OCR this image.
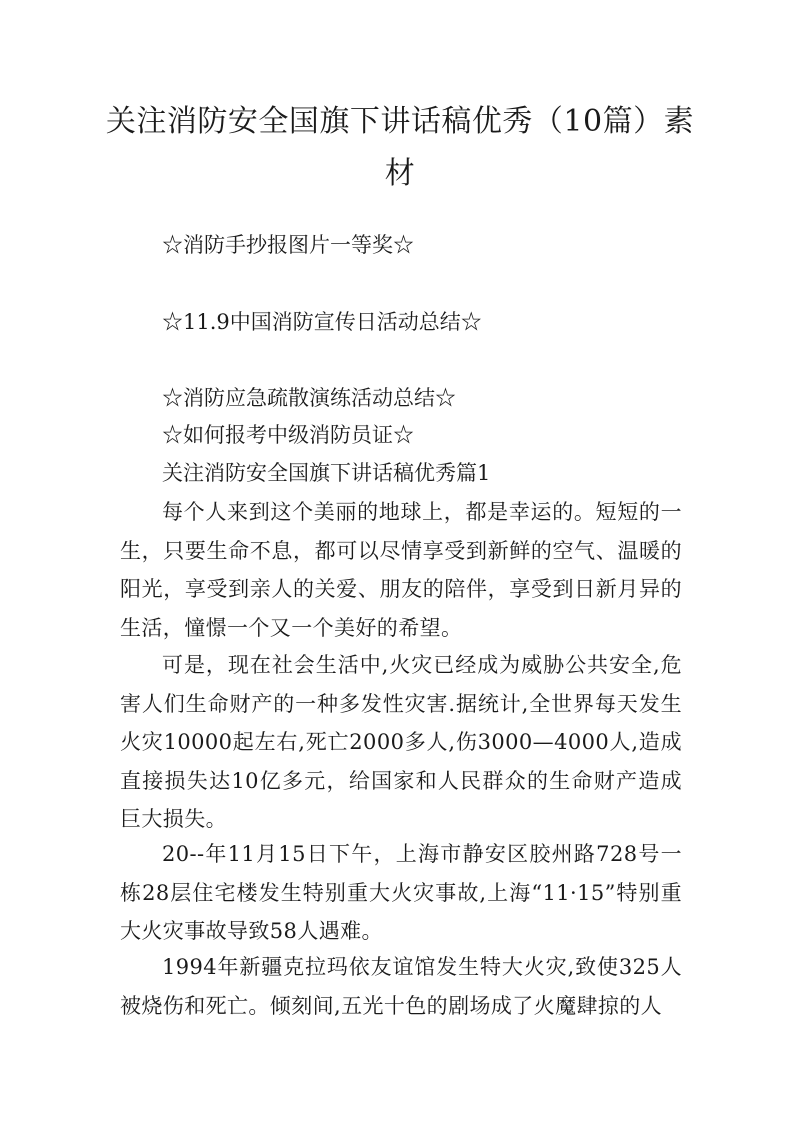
关注消防安全国旗下讲话稿优秀（10篇）素材

☆消防手抄报图片一等奖☆

☆11.9中国消防宣传日活动总结☆

☆消防应急疏散演练活动总结☆

☆如何报考中级消防员证☆

关注消防安全国旗下讲话稿优秀篇1

每个人来到这个美丽的地球上，都是幸运的。短短的一生，只要生命不息，都可以尽情享受到新鲜的空气、温暖的阳光，享受到亲人的关爱、朋友的陪伴，享受到日新月异的生活，憧憬一个又一个美好的希望。

可是，现在社会生活中,火灾已经成为威胁公共安全,危害人们生命财产的一种多发性灾害.据统计,全世界每天发生火灾10000起左右,死亡2000多人,伤3000—4000人,造成直接损失达10亿多元，给国家和人民群众的生命财产造成巨大损失。

20--年11月15日下午，上海市静安区胶州路728号一栋28层住宅楼发生特别重大火灾事故,上海“11·15”特别重大火灾事故导致58人遇难。

1994年新疆克拉玛依友谊馆发生特大火灾,致使325人被烧伤和死亡。倾刻间,五光十色的剧场成了火魔肆掠的人
